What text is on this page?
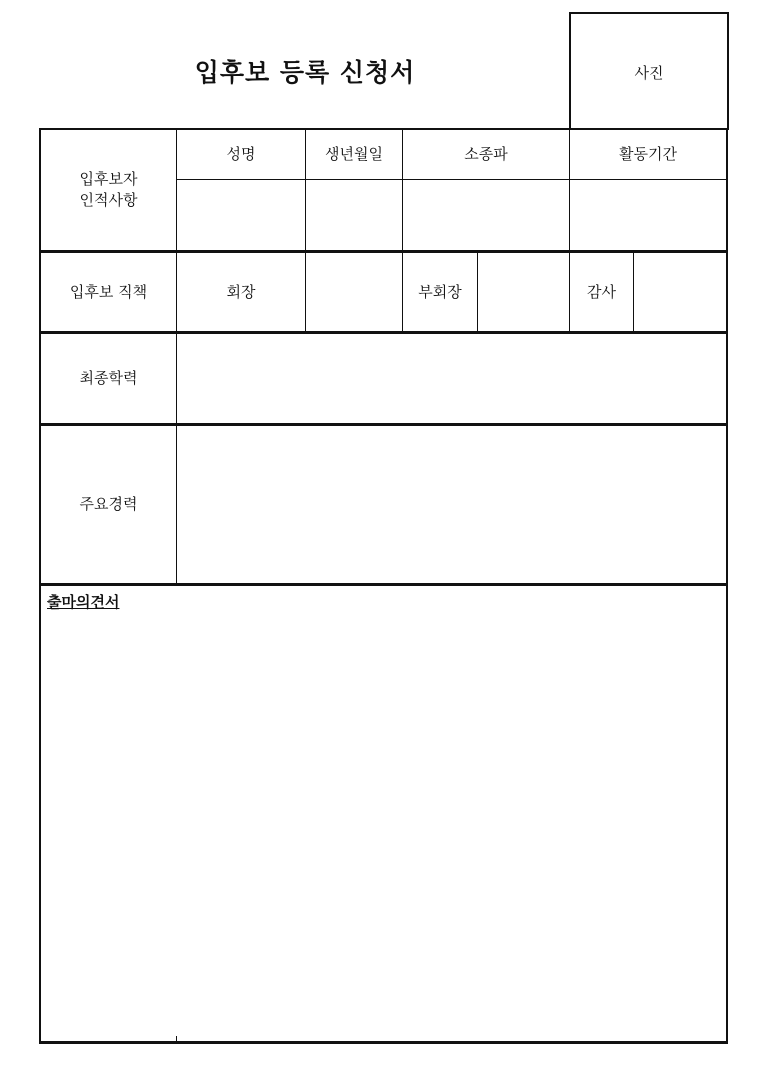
입후보 등록 신청서	사진
입후보자
인적사항
성명	생년월일	소종파	활동기간
입후보 직책	회장	부회장	감사
최종학력
주요경력
출마의견서
